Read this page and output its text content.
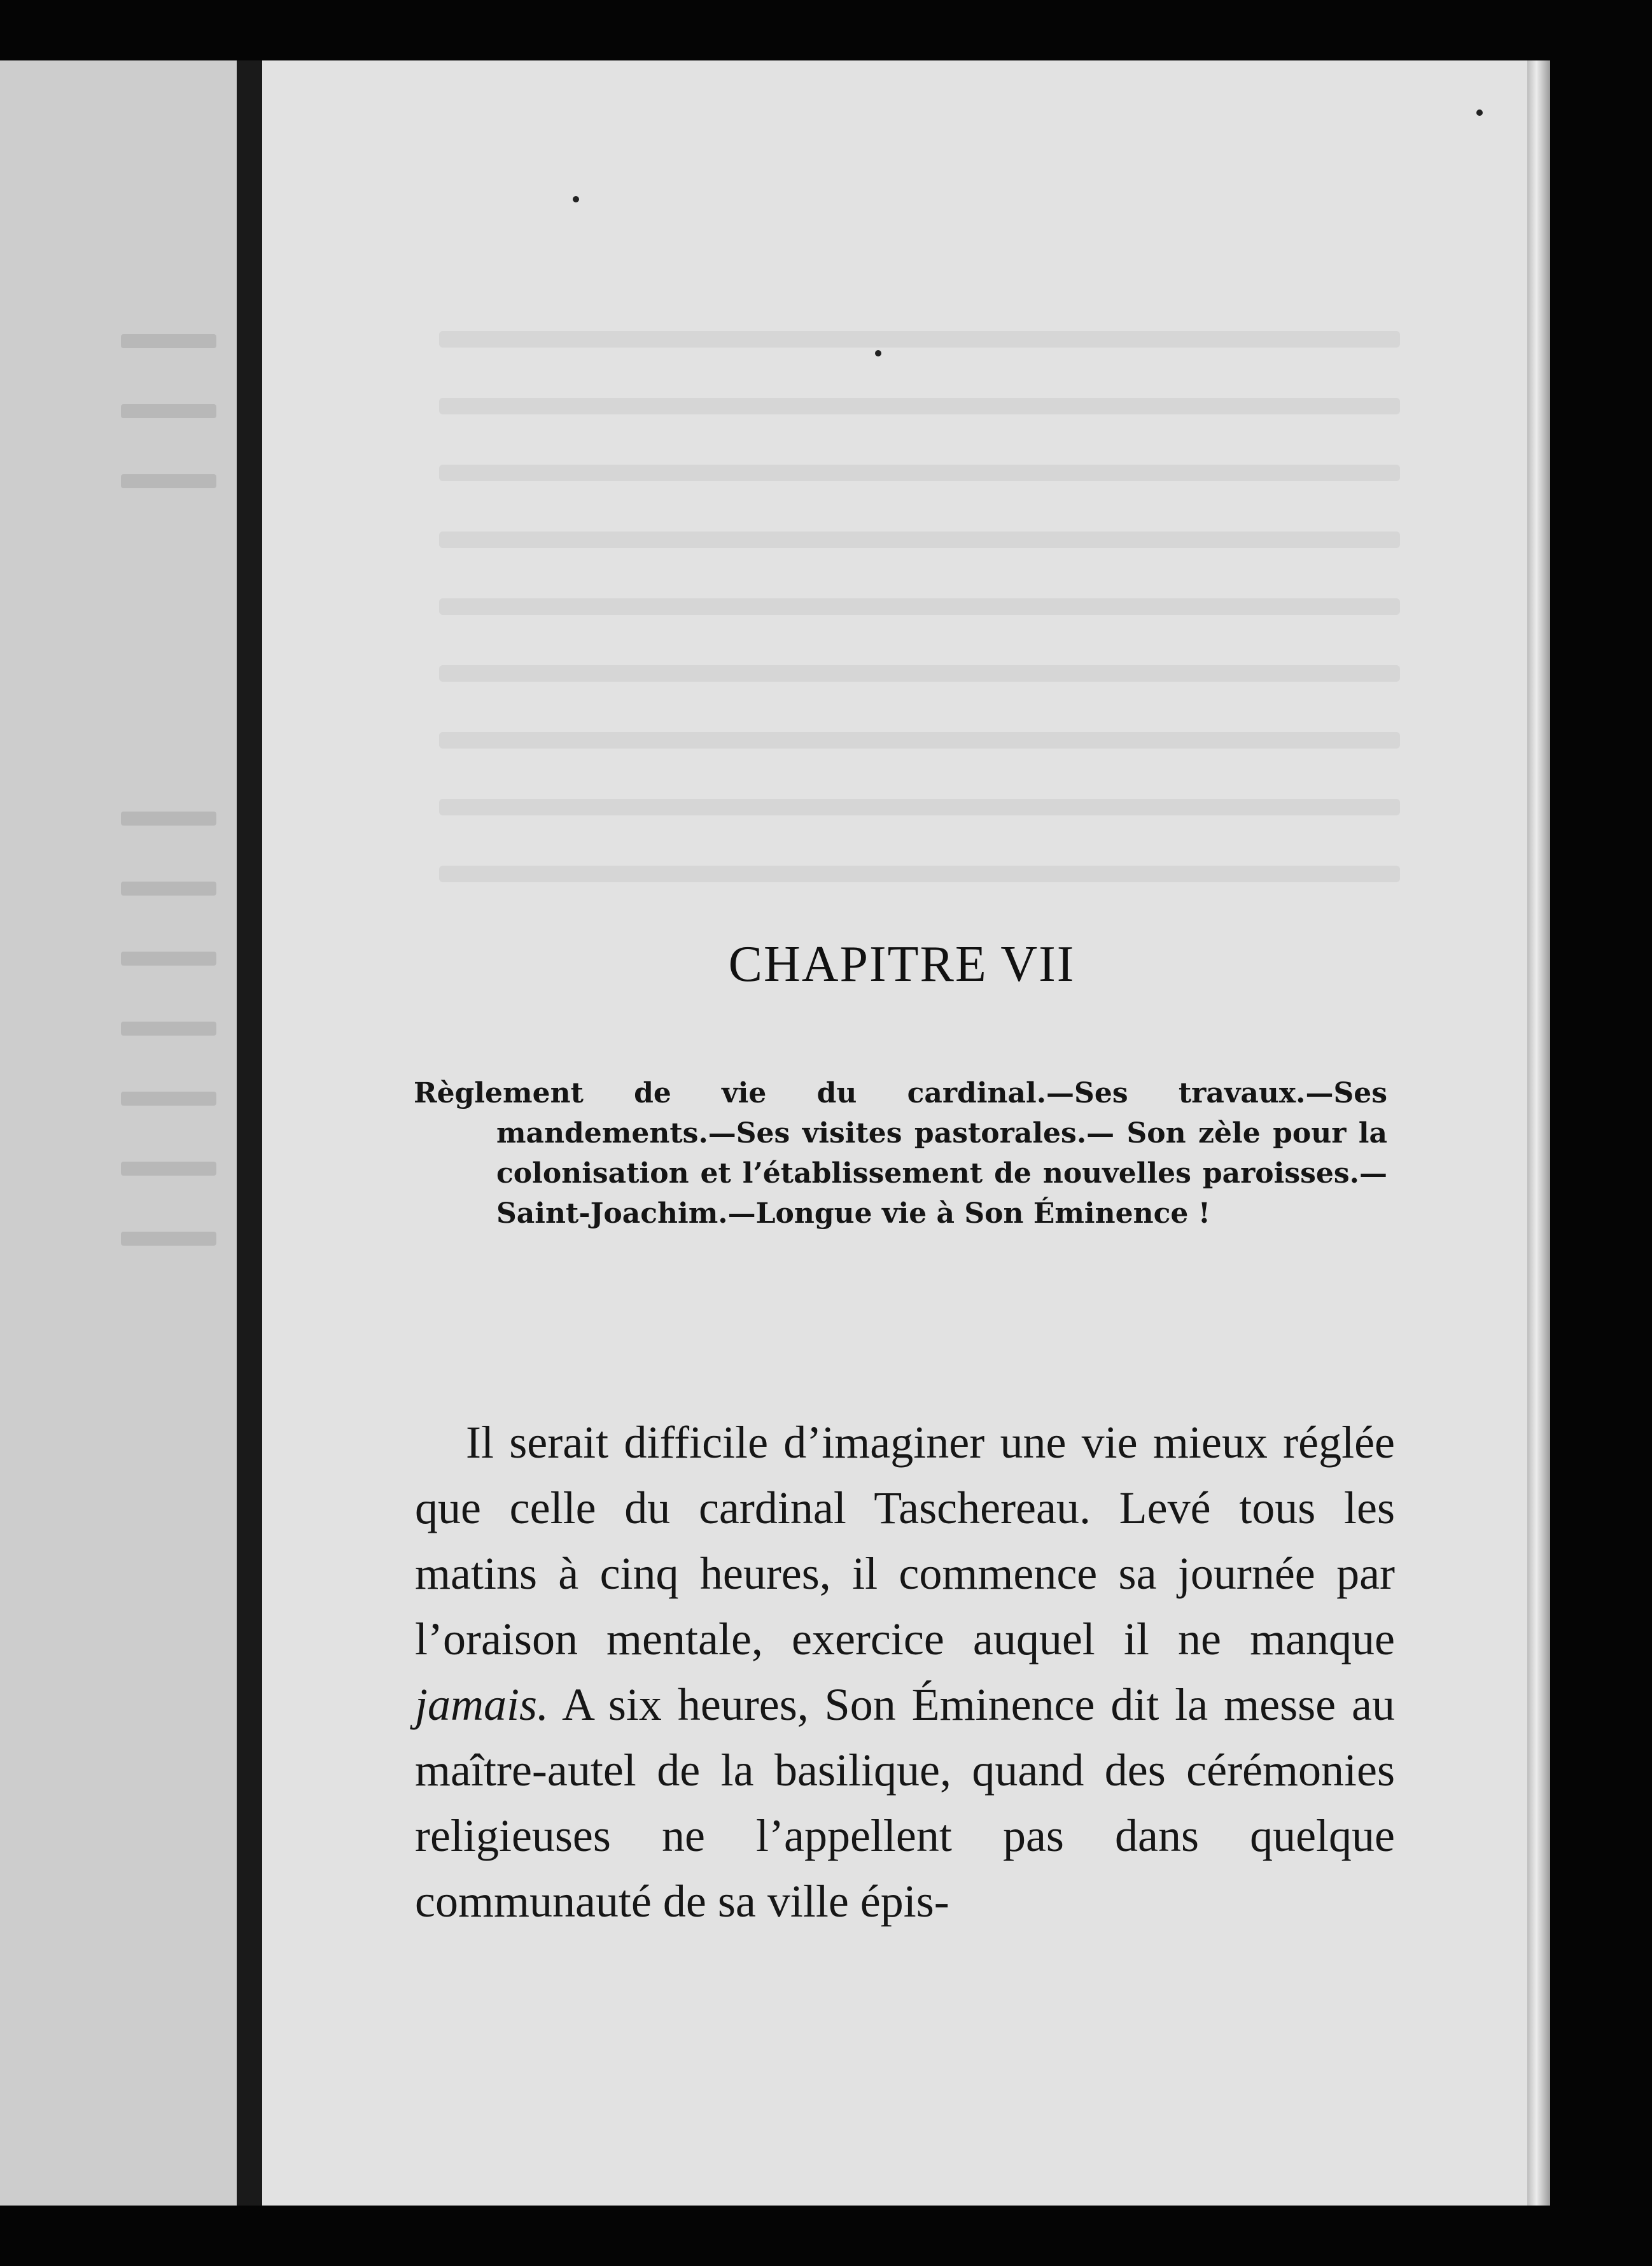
CHAPITRE VII
Règlement de vie du cardinal.—Ses travaux.—Ses mandements.—Ses visites pastorales.— Son zèle pour la colonisation et l’établissement de nouvelles paroisses.—Saint-Joachim.—Longue vie à Son Éminence !
Il serait difficile d’imaginer une vie mieux réglée que celle du cardinal Taschereau. Levé tous les matins à cinq heures, il commence sa journée par l’oraison mentale, exercice auquel il ne manque jamais. A six heures, Son Éminence dit la messe au maître-autel de la basilique, quand des cérémonies religieuses ne l’appellent pas dans quelque communauté de sa ville épis-
